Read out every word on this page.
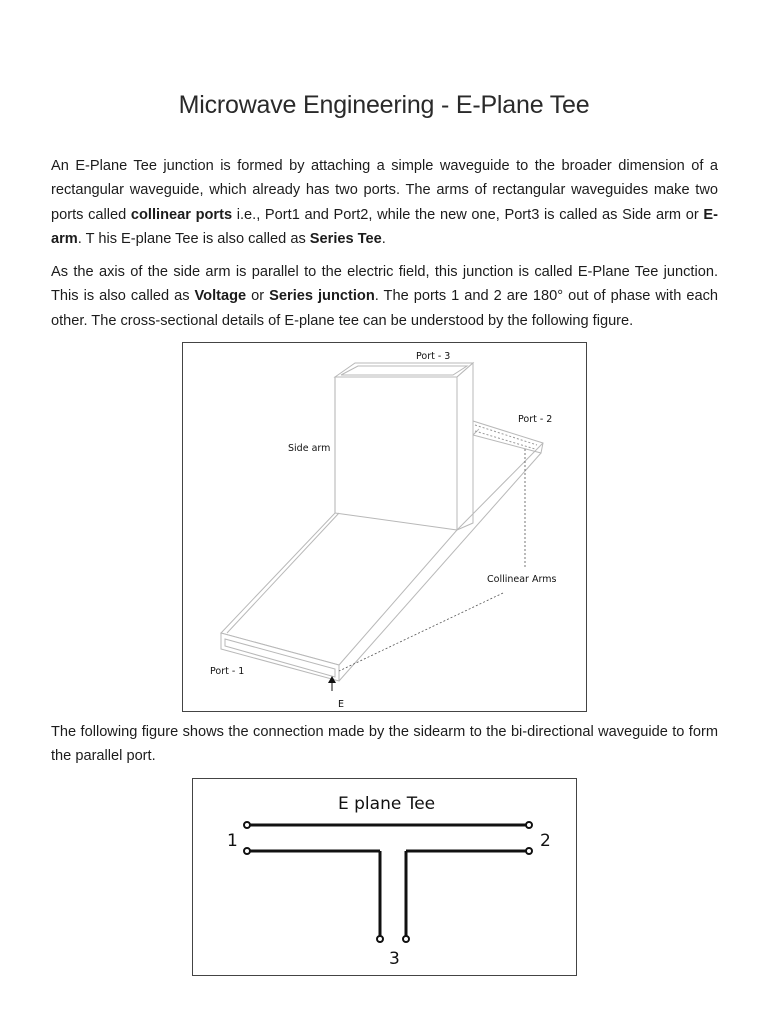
Microwave Engineering - E-Plane Tee

An E-Plane Tee junction is formed by attaching a simple waveguide to the broader dimension of a rectangular waveguide, which already has two ports. The arms of rectangular waveguides make two ports called collinear ports i.e., Port1 and Port2, while the new one, Port3 is called as Side arm or E-arm. T his E-plane Tee is also called as Series Tee.

As the axis of the side arm is parallel to the electric field, this junction is called E-Plane Tee junction. This is also called as Voltage or Series junction. The ports 1 and 2 are 180° out of phase with each other. The cross-sectional details of E-plane tee can be understood by the following figure.

Port - 3
Port - 2
Side arm
Collinear Arms
Port - 1
E

The following figure shows the connection made by the sidearm to the bi-directional waveguide to form the parallel port.

E plane Tee
1	2
3
